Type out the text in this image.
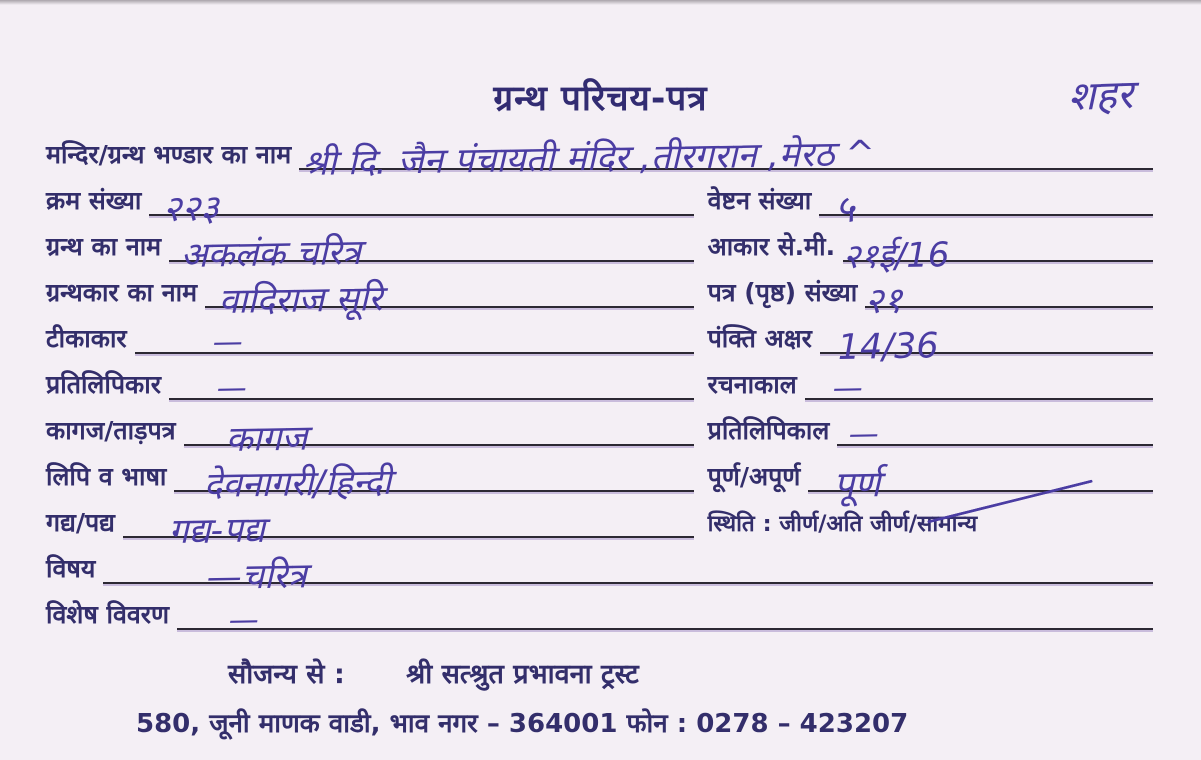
ग्रन्थ परिचय-पत्र	शहर
मन्दिर/ग्रन्थ भण्डार का नाम श्री दि. जैन पंचायती मंदिर ,तीरगरान ,मेरठ ^
क्रम संख्या २२३	वेष्टन संख्या ५
ग्रन्थ का नाम अकलंक चरित्र	आकार से.मी. २१ई/16
ग्रन्थकार का नाम वादिराज सूरि	पत्र (पृष्ठ) संख्या २१
टीकाकार	—	पंक्ति अक्षर 14/36
प्रतिलिपिकार —	रचनाकाल —
कागज/ताड़पत्र कागज	प्रतिलिपिकाल —
लिपि व भाषा देवनागरी/हिन्दी	पूर्ण/अपूर्ण पूर्ण
गद्य/पद्य गद्य-पद्य	स्थिति : जीर्ण/अति जीर्ण/सामान्य
विषय	—चरित्र
विशेष विवरण —
सौजन्य से : श्री सत्श्रुत प्रभावना ट्रस्ट
580, जूनी माणक वाडी, भाव नगर – 364001 फोन : 0278 – 423207
